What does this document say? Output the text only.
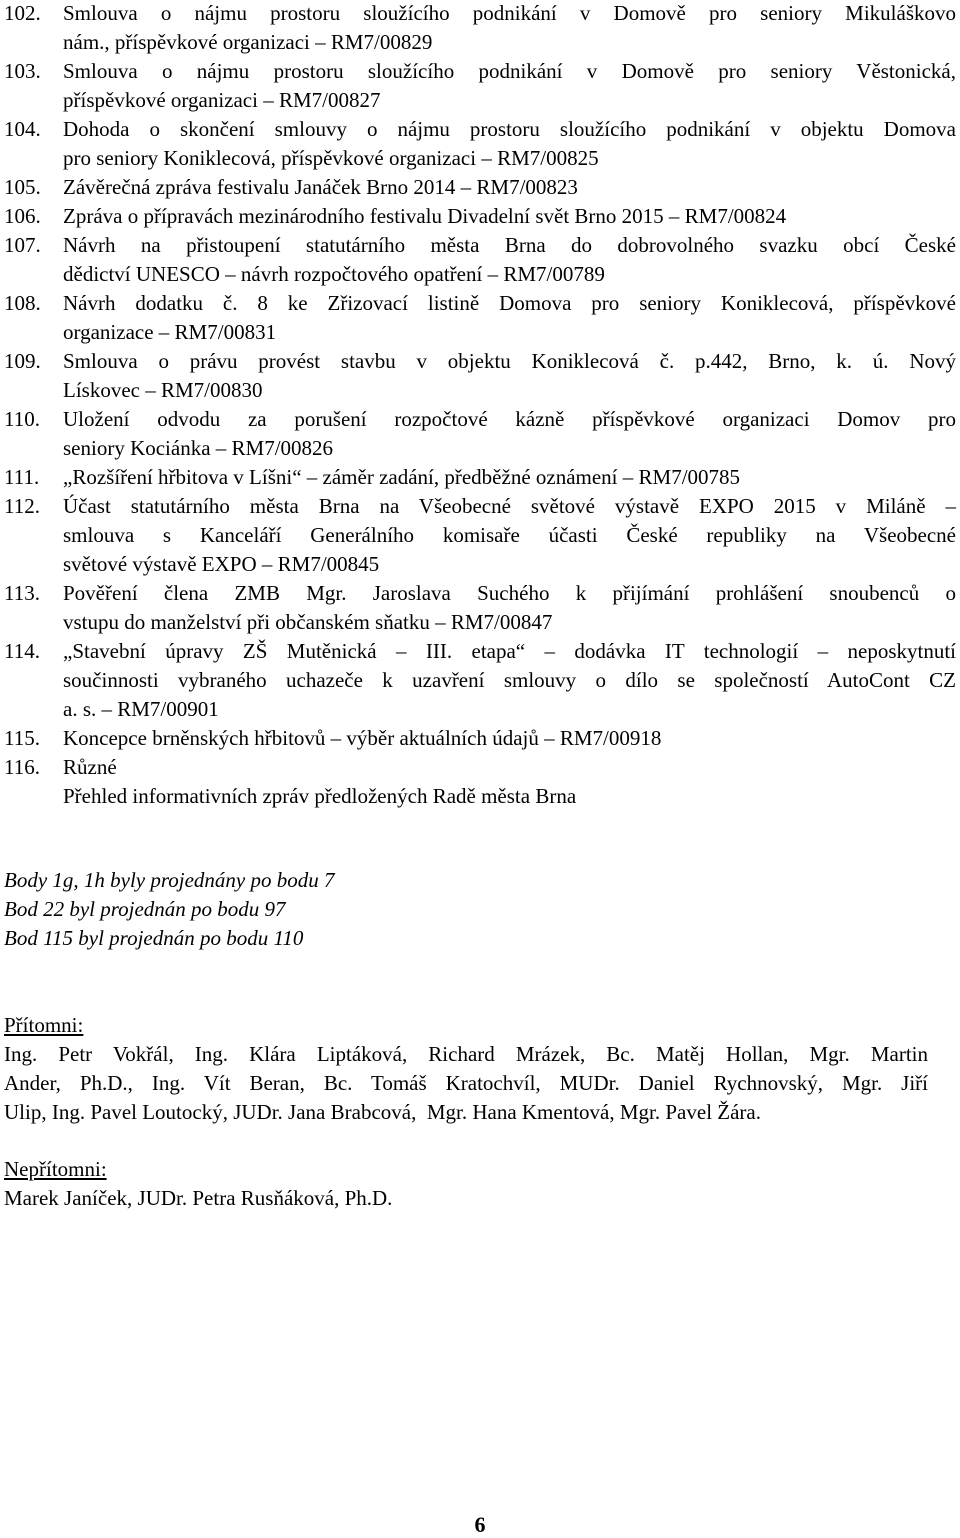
102.	Smlouva o nájmu prostoru sloužícího podnikání v Domově pro seniory Mikuláškovo
nám., příspěvkové organizaci – RM7/00829
103.	Smlouva o nájmu prostoru sloužícího podnikání v Domově pro seniory Věstonická,
příspěvkové organizaci – RM7/00827
104.	Dohoda o skončení smlouvy o nájmu prostoru sloužícího podnikání v objektu Domova
pro seniory Koniklecová, příspěvkové organizaci – RM7/00825
105.	Závěrečná zpráva festivalu Janáček Brno 2014 – RM7/00823
106.	Zpráva o přípravách mezinárodního festivalu Divadelní svět Brno 2015 – RM7/00824
107.	Návrh na přistoupení statutárního města Brna do dobrovolného svazku obcí České
dědictví UNESCO – návrh rozpočtového opatření – RM7/00789
108.	Návrh dodatku č. 8 ke Zřizovací listině Domova pro seniory Koniklecová, příspěvkové
organizace – RM7/00831
109.	Smlouva o právu provést stavbu v objektu Koniklecová č. p.442, Brno, k. ú. Nový
Lískovec – RM7/00830
110.	Uložení odvodu za porušení rozpočtové kázně příspěvkové organizaci Domov pro
seniory Kociánka – RM7/00826
111.	„Rozšíření hřbitova v Líšni“ – záměr zadání, předběžné oznámení – RM7/00785
112.	Účast statutárního města Brna na Všeobecné světové výstavě EXPO 2015 v Miláně –
smlouva s Kanceláří Generálního komisaře účasti České republiky na Všeobecné
světové výstavě EXPO – RM7/00845
113.	Pověření člena ZMB Mgr. Jaroslava Suchého k přijímání prohlášení snoubenců o
vstupu do manželství při občanském sňatku – RM7/00847
114.	„Stavební úpravy ZŠ Mutěnická – III. etapa“ – dodávka IT technologií – neposkytnutí
součinnosti vybraného uchazeče k uzavření smlouvy o dílo se společností AutoCont CZ
a. s. – RM7/00901
115.	Koncepce brněnských hřbitovů – výběr aktuálních údajů – RM7/00918
116.	Různé
Přehled informativních zpráv předložených Radě města Brna
Body 1g, 1h byly projednány po bodu 7
Bod 22 byl projednán po bodu 97
Bod 115 byl projednán po bodu 110
Přítomni:
Ing. Petr Vokřál, Ing. Klára Liptáková, Richard Mrázek, Bc. Matěj Hollan, Mgr. Martin
Ander, Ph.D., Ing. Vít Beran, Bc. Tomáš Kratochvíl, MUDr. Daniel Rychnovský, Mgr. Jiří
Ulip, Ing. Pavel Loutocký, JUDr. Jana Brabcová,  Mgr. Hana Kmentová, Mgr. Pavel Žára.
Nepřítomni:
Marek Janíček, JUDr. Petra Rusňáková, Ph.D.
6
